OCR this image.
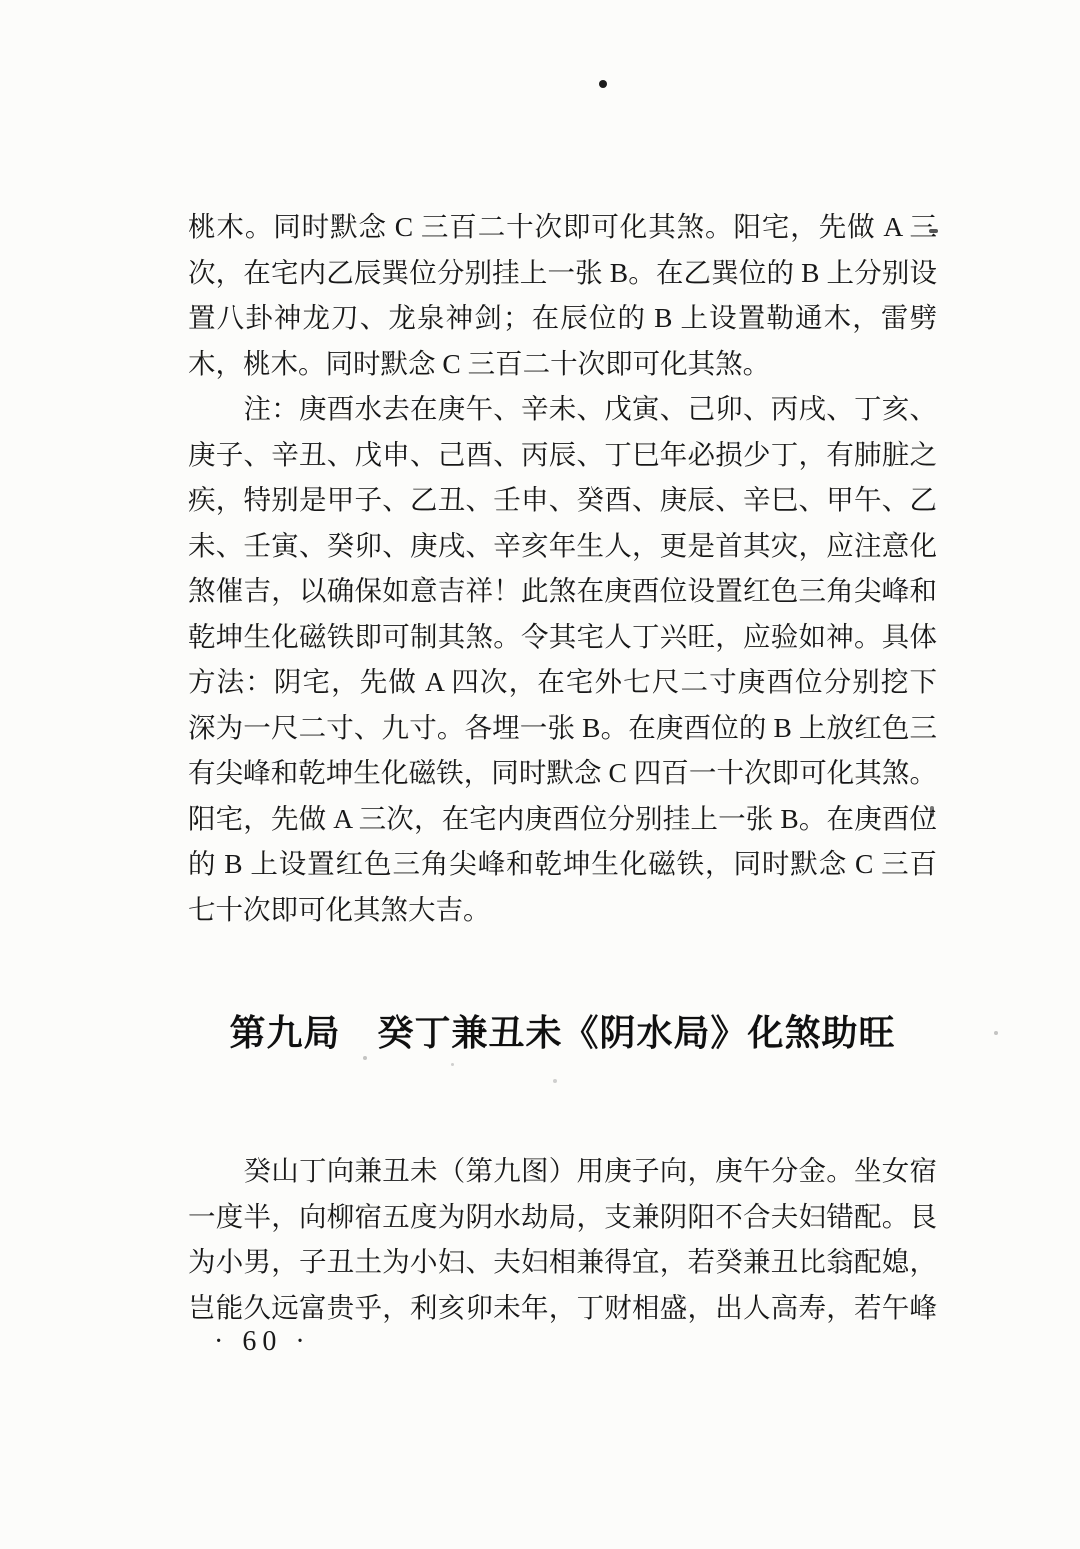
桃木。同时默念 C 三百二十次即可化其煞。阳宅，先做 A 三
次，在宅内乙辰巽位分别挂上一张 B。在乙巽位的 B 上分别设
置八卦神龙刀、龙泉神剑；在辰位的 B 上设置勒通木，雷劈
木，桃木。同时默念 C 三百二十次即可化其煞。
　　注：庚酉水去在庚午、辛未、戊寅、己卯、丙戌、丁亥、
庚子、辛丑、戊申、己酉、丙辰、丁巳年必损少丁，有肺脏之
疾，特别是甲子、乙丑、壬申、癸酉、庚辰、辛巳、甲午、乙
未、壬寅、癸卯、庚戌、辛亥年生人，更是首其灾，应注意化
煞催吉，以确保如意吉祥！此煞在庚酉位设置红色三角尖峰和
乾坤生化磁铁即可制其煞。令其宅人丁兴旺，应验如神。具体
方法：阴宅，先做 A 四次，在宅外七尺二寸庚酉位分别挖下
深为一尺二寸、九寸。各埋一张 B。在庚酉位的 B 上放红色三
有尖峰和乾坤生化磁铁，同时默念 C 四百一十次即可化其煞。
阳宅，先做 A 三次，在宅内庚酉位分别挂上一张 B。在庚酉位
的 B 上设置红色三角尖峰和乾坤生化磁铁，同时默念 C 三百
七十次即可化其煞大吉。
第九局　癸丁兼丑未《阴水局》化煞助旺
　　癸山丁向兼丑未（第九图）用庚子向，庚午分金。坐女宿
一度半，向柳宿五度为阴水劫局，支兼阴阳不合夫妇错配。艮
为小男，子丑土为小妇、夫妇相兼得宜，若癸兼丑比翁配媳，
岂能久远富贵乎，利亥卯未年，丁财相盛，出人高寿，若午峰
· 60 ·
